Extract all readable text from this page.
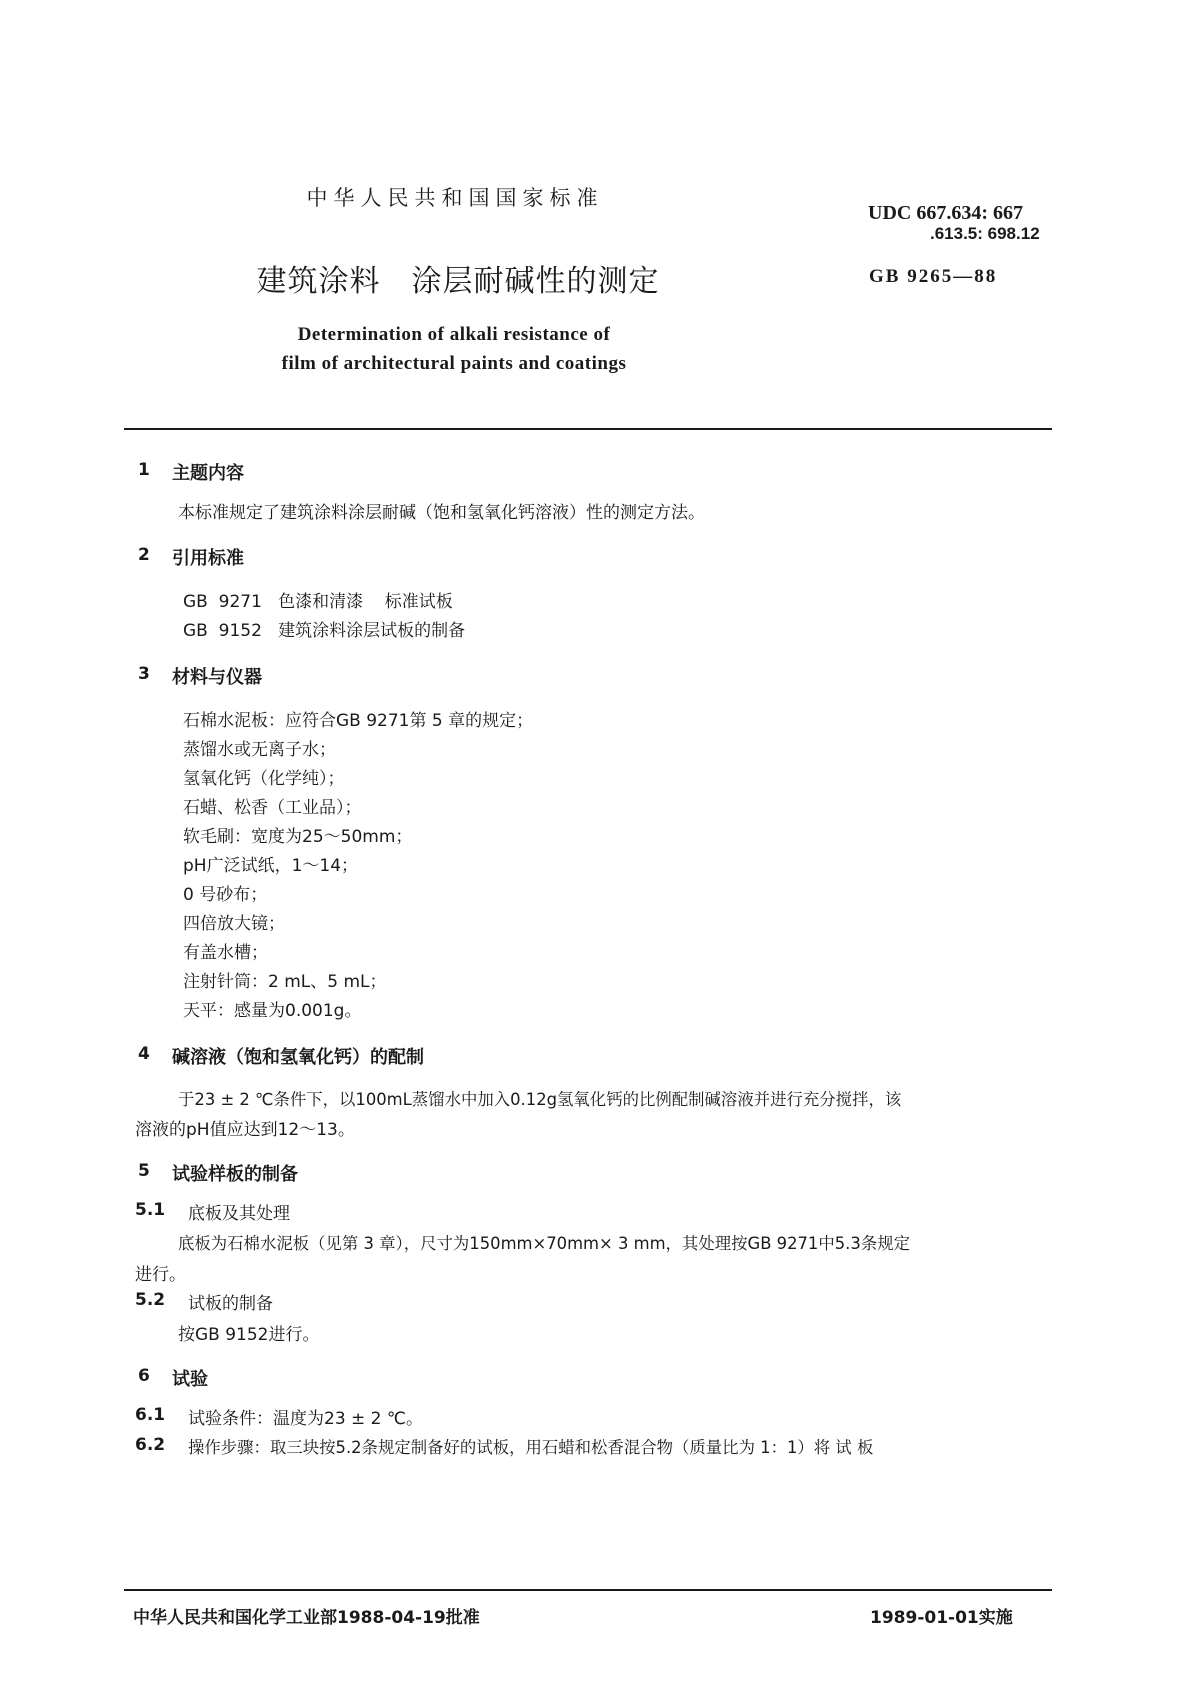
中华人民共和国国家标准
UDC 667.634: 667
.613.5: 698.12
建筑涂料　涂层耐碱性的测定	GB 9265—88
Determination of alkali resistance of
film of architectural paints and coatings
1 主题内容
本标准规定了建筑涂料涂层耐碱（饱和氢氧化钙溶液）性的测定方法。
2 引用标准
GB  9271   色漆和清漆    标准试板
GB  9152   建筑涂料涂层试板的制备
3 材料与仪器
石棉水泥板：应符合GB 9271第 5 章的规定；
蒸馏水或无离子水；
氢氧化钙（化学纯）；
石蜡、松香（工业品）；
软毛刷：宽度为25～50mm；
pH广泛试纸，1～14；
0 号砂布；
四倍放大镜；
有盖水槽；
注射针筒：2 mL、5 mL；
天平：感量为0.001g。
4 碱溶液（饱和氢氧化钙）的配制
于23 ± 2 ℃条件下，以100mL蒸馏水中加入0.12g氢氧化钙的比例配制碱溶液并进行充分搅拌，该
溶液的pH值应达到12～13。
5 试验样板的制备
5.1 底板及其处理
底板为石棉水泥板（见第 3 章），尺寸为150mm×70mm× 3 mm，其处理按GB 9271中5.3条规定
进行。
5.2 试板的制备
按GB 9152进行。
6 试验
6.1 试验条件：温度为23 ± 2 ℃。
6.2 操作步骤：取三块按5.2条规定制备好的试板，用石蜡和松香混合物（质量比为 1：1）将 试 板
中华人民共和国化学工业部1988-04-19批准	1989-01-01实施
